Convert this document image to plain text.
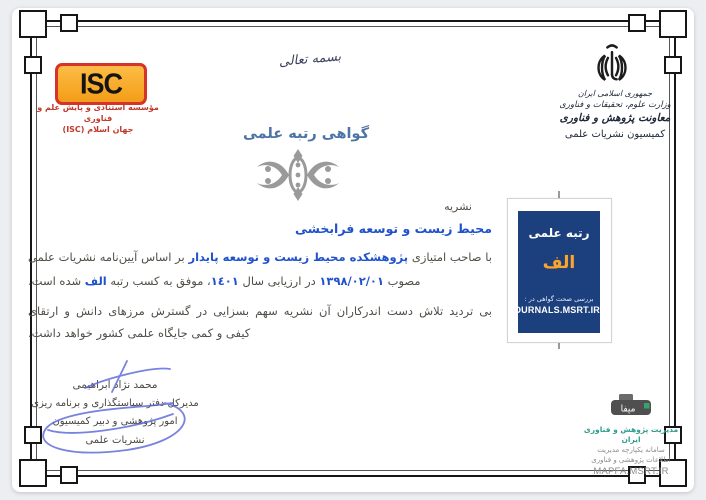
بسمه تعالی
جمهوری اسلامی ایران
وزارت علوم، تحقیقات و فناوری
معاونت پژوهش و فناوری
کمیسیون نشریات علمی
ISC
مؤسسه استنادی و پایش علم و فناوری
جهان اسلام (ISC)	گواهی رتبه علمی
نشریه
محیط زیست و توسعه فرابخشی
با صاحب امتیازی پژوهشکده محیط زیست و توسعه پایدار بر اساس آیین‌نامه نشریات علمی
مصوب ١٣٩٨/٠٢/٠١ در ارزیابی سال ١٤٠١، موفق به کسب رتبه الف شده است.
بی تردید تلاش دست اندرکاران آن نشریه سهم بسزایی در گسترش مرزهای دانش و ارتقای
کیفی و کمی جایگاه علمی کشور خواهد داشت.
رتبه علمی
الف
بررسی صحت گواهی در :
JOURNALS.MSRT.IR
محمد نژاد ابراهیمی
مدیرکل دفتر سیاستگذاری و برنامه ریزی
امور پژوهشی و دبیر کمیسیون
نشریات علمی
مپفا
مدیریت پژوهش و فناوری ایران
سامانه یکپارچه مدیریت
اطلاعات پژوهشی و فناوری
MAPFA.MSRT.IR
